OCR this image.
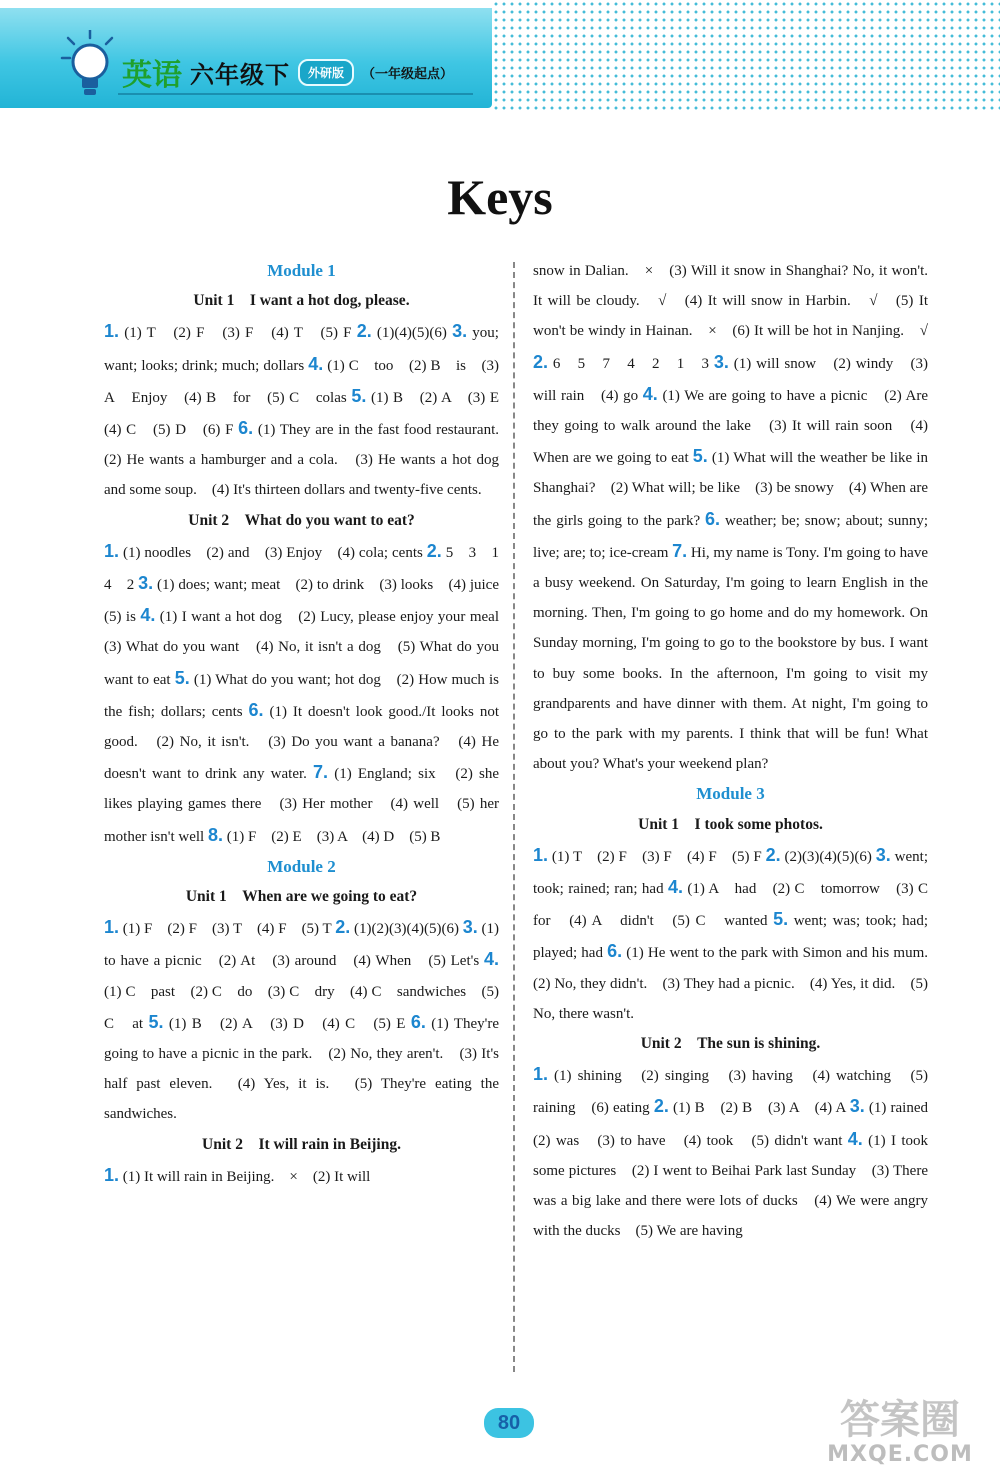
英语 六年级下	外研版	（一年级起点）
Keys
Module 1
Unit 1　I want a hot dog, please.

1. (1) T　(2) F　(3) F　(4) T　(5) F 2. (1)(4)(5)(6) 3. you; want; looks; drink; much; dollars 4. (1) C　too　(2) B　is　(3) A　Enjoy　(4) B　for　(5) C　colas 5. (1) B　(2) A　(3) E　(4) C　(5) D　(6) F 6. (1) They are in the fast food restaurant.　(2) He wants a hamburger and a cola.　(3) He wants a hot dog and some soup.　(4) It's thirteen dollars and twenty-five cents.

Unit 2　What do you want to eat?

1. (1) noodles　(2) and　(3) Enjoy　(4) cola; cents 2. 5　3　1　4　2 3. (1) does; want; meat　(2) to drink　(3) looks　(4) juice　(5) is 4. (1) I want a hot dog　(2) Lucy, please enjoy your meal　(3) What do you want　(4) No, it isn't a dog　(5) What do you want to eat 5. (1) What do you want; hot dog　(2) How much is the fish; dollars; cents 6. (1) It doesn't look good./It looks not good.　(2) No, it isn't.　(3) Do you want a banana?　(4) He doesn't want to drink any water. 7. (1) England; six　(2) she likes playing games there　(3) Her mother　(4) well　(5) her mother isn't well 8. (1) F　(2) E　(3) A　(4) D　(5) B

Module 2
Unit 1　When are we going to eat?

1. (1) F　(2) F　(3) T　(4) F　(5) T 2. (1)(2)(3)(4)(5)(6) 3. (1) to have a picnic　(2) At　(3) around　(4) When　(5) Let's 4. (1) C　past　(2) C　do　(3) C　dry　(4) C　sandwiches　(5) C　at 5. (1) B　(2) A　(3) D　(4) C　(5) E 6. (1) They're going to have a picnic in the park.　(2) No, they aren't.　(3) It's half past eleven.　(4) Yes, it is.　(5) They're eating the sandwiches.

Unit 2　It will rain in Beijing.

1. (1) It will rain in Beijing.　×　(2) It will

snow in Dalian.　×　(3) Will it snow in Shanghai? No, it won't. It will be cloudy.　√　(4) It will snow in Harbin.　√　(5) It won't be windy in Hainan.　×　(6) It will be hot in Nanjing.　√ 2. 6　5　7　4　2　1　3 3. (1) will snow　(2) windy　(3) will rain　(4) go 4. (1) We are going to have a picnic　(2) Are they going to walk around the lake　(3) It will rain soon　(4) When are we going to eat 5. (1) What will the weather be like in Shanghai?　(2) What will; be like　(3) be snowy　(4) When are the girls going to the park? 6. weather; be; snow; about; sunny; live; are; to; ice-cream 7. Hi, my name is Tony. I'm going to have a busy weekend. On Saturday, I'm going to learn English in the morning. Then, I'm going to go home and do my homework. On Sunday morning, I'm going to go to the bookstore by bus. I want to buy some books. In the afternoon, I'm going to visit my grandparents and have dinner with them. At night, I'm going to go to the park with my parents. I think that will be fun! What about you? What's your weekend plan?

Module 3
Unit 1　I took some photos.

1. (1) T　(2) F　(3) F　(4) F　(5) F 2. (2)(3)(4)(5)(6) 3. went; took; rained; ran; had 4. (1) A　had　(2) C　tomorrow　(3) C　for　(4) A　didn't　(5) C　wanted 5. went; was; took; had; played; had 6. (1) He went to the park with Simon and his mum.　(2) No, they didn't.　(3) They had a picnic.　(4) Yes, it did.　(5) No, there wasn't.

Unit 2　The sun is shining.

1. (1) shining　(2) singing　(3) having　(4) watching　(5) raining　(6) eating 2. (1) B　(2) B　(3) A　(4) A 3. (1) rained　(2) was　(3) to have　(4) took　(5) didn't want 4. (1) I took some pictures　(2) I went to Beihai Park last Sunday　(3) There was a big lake and there were lots of ducks　(4) We were angry with the ducks　(5) We are having

80	答案圈
MXQE.COM
